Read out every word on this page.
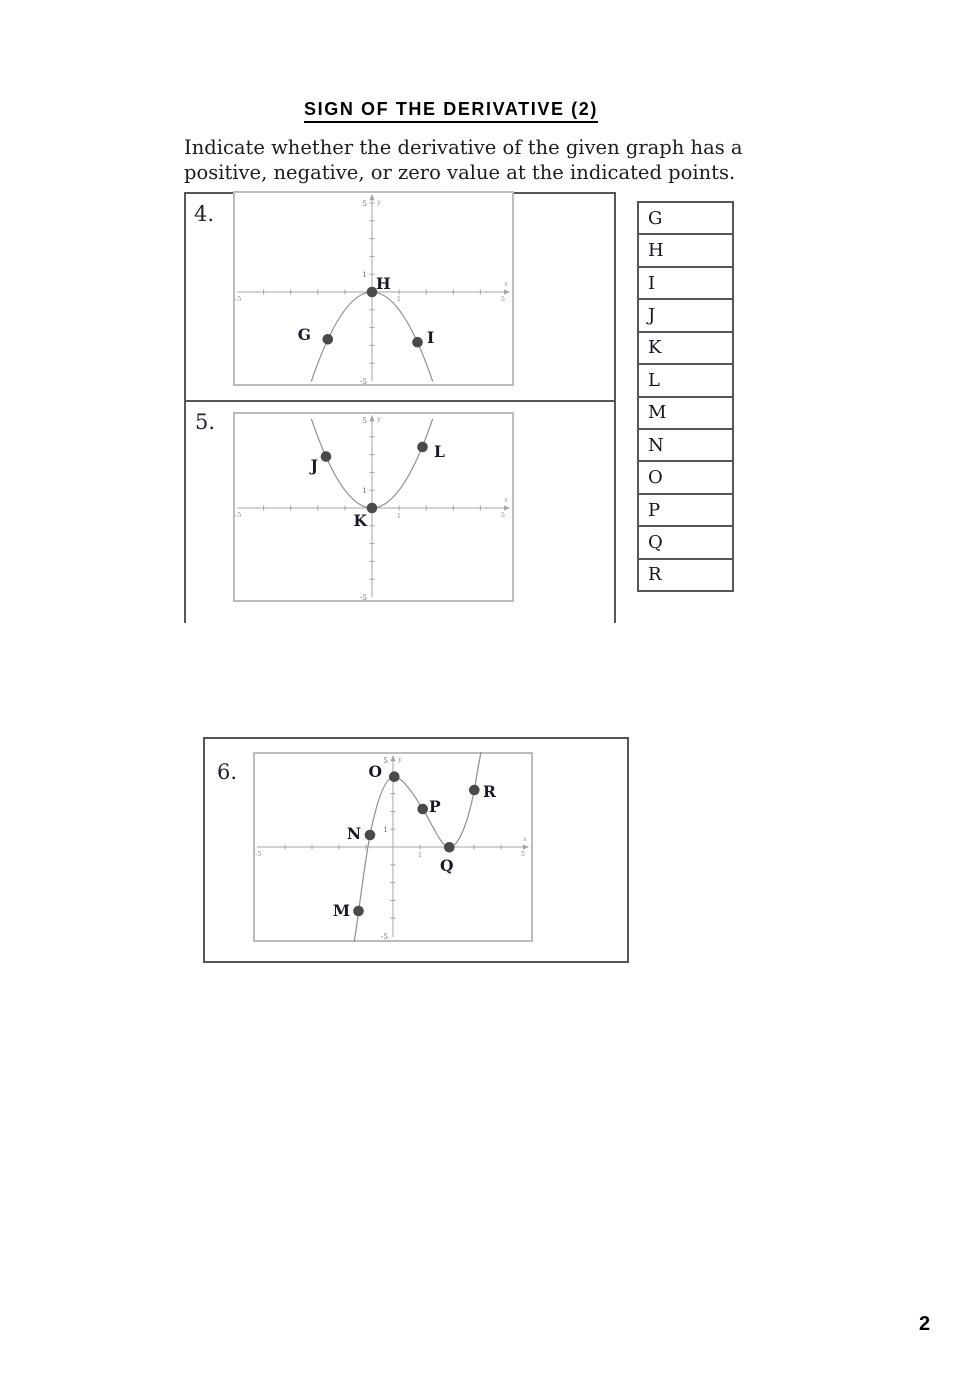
SIGN OF THE DERIVATIVE (2)
Indicate whether the derivative of the given graph has a
positive, negative, or zero value at the indicated points.
4.
5.
5
1
-5
-5	1	5
y
x
H
G	I
5
1
-5
-5	1	5
y
x
K
J
L
G
H
I
J
K
L
M
N
O
P
Q
R
6.	5
1
-5
-5	1	5
y
x
M
N
O
P
Q
R
2
